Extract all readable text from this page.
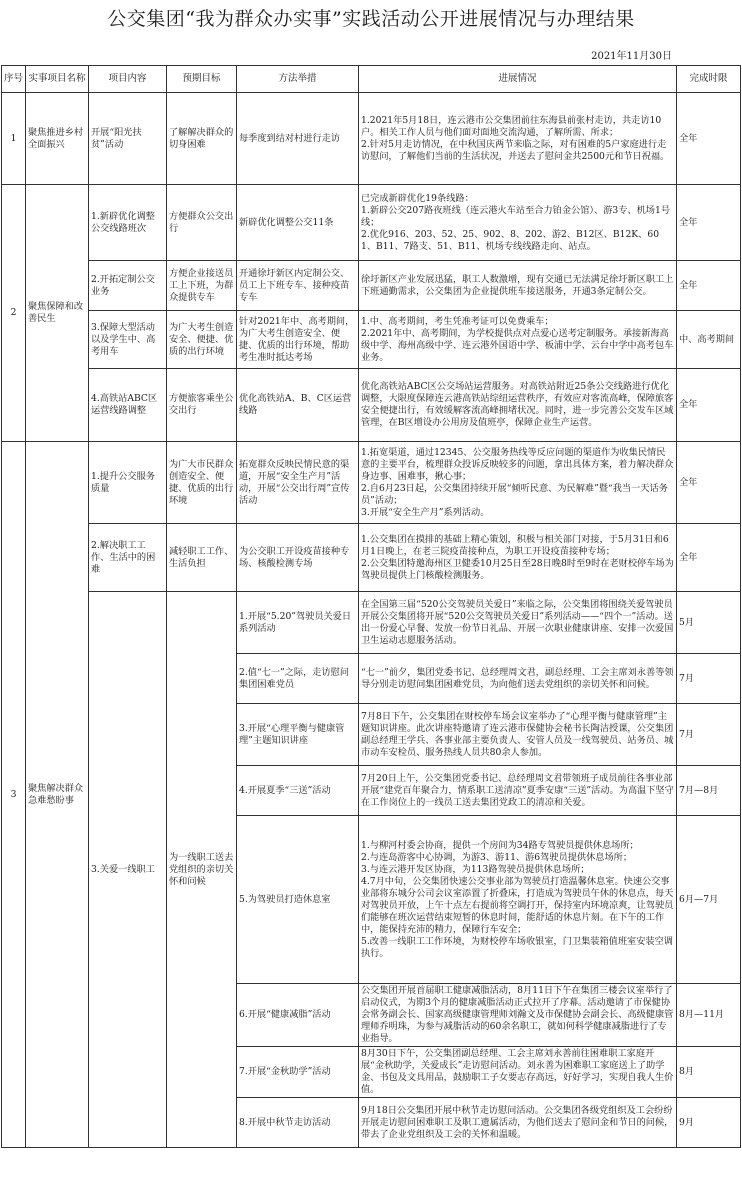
公交集团“我为群众办实事”实践活动公开进展情况与办理结果
2021年11月30日
序号	实事项目名称	项目内容	预期目标	方法举措	进展情况	完成时限
1	聚焦推进乡村全面振兴	开展“阳光扶贫”活动	了解解决群众的切身困难	每季度到结对村进行走访	1.2021年5月18日，连云港市公交集团前往东海县前张村走访，共走访10户。相关工作人员与他们面对面地交流沟通，了解所需、所求；
2.针对5月走访情况，在中秋国庆两节来临之际，对有困难的5户家庭进行走访慰问，了解他们当前的生活状况，并送去了慰问金共2500元和节日祝福。	全年
2	聚焦保障和改善民生	1.新辟优化调整公交线路班次	方便群众公交出行	新辟优化调整公交11条	已完成新辟优化19条线路：
1.新辟公交207路夜班线（连云港火车站至合力铂金公馆）、游3专、机场1号线；
2.优化916、203、52、25、902、8、202、游2、B12区、B12K、601、B11、7路支、51、B11、机场专线线路走向、站点。	全年
		2.开拓定制公交业务	方便企业接送员工上下班，为群众提供专车	开通徐圩新区内定制公交、员工上下班专车、接种疫苗专车	徐圩新区产业发展迅猛，职工人数激增，现有交通已无法满足徐圩新区职工上下班通勤需求，公交集团为企业提供班车接送服务，开通3条定制公交。	全年
		3.保障大型活动以及学生中、高考用车	为广大考生创造安全、便捷、优质的出行环境	针对2021年中、高考期间，为广大考生创造安全、便捷、优质的出行环境，帮助考生准时抵达考场	1.中、高考期间，考生凭准考证可以免费乘车；
2.2021年中、高考期间，为学校提供点对点爱心送考定制服务。承接新海高级中学、海州高级中学、连云港外国语中学、板浦中学、云台中学中高考包车业务。	中、高考期间
		4.高铁站ABC区运营线路调整	方便旅客乘坐公交出行	优化高铁站A、B、C区运营线路	优化高铁站ABC区公交场站运营服务。对高铁站附近25条公交线路进行优化调整，大限度保障连云港高铁站综纽运营秩序，有效应对客流高峰，保障旅客安全便捷出行，有效缓解客流高峰拥堵状况。同时，进一步完善公交发车区域管理，在B区增设办公用房及值班亭，保障企业生产运营。	全年
3	聚焦解决群众急难愁盼事	1.提升公交服务质量	为广大市民群众创造安全、便捷、优质的出行环境	拓宽群众反映民情民意的渠道，开展“安全生产月”活动，开展“公交出行周”宣传活动	1.拓宽渠道，通过12345、公交服务热线等反应问题的渠道作为收集民情民意的主要平台，梳理群众投诉反映较多的问题，拿出具体方案，着力解决群众身边事、困难事，揪心事；
2.自6月23日起，公交集团持续开展“倾听民意、为民解难”暨“我当一天话务员”活动；
3.开展“安全生产月”系列活动。	全年
		2.解决职工工作、生活中的困难	减轻职工工作、生活负担	为公交职工开设疫苗接种专场、核酸检测专场	1.公交集团在摸排的基础上精心策划，积极与相关部门对接，于5月31日和6月1日晚上，在老三院疫苗接种点，为职工开设疫苗接种专场；
2.公交集团特邀海州区卫健委10月25日至28日晚8时至9时在老财校停车场为驾驶员提供上门核酸检测服务。	全年
		3.关爱一线职工	为一线职工送去党组织的亲切关怀和问候	1.开展“5.20”驾驶员关爱日系列活动	在全国第三届“520公交驾驶员关爱日”来临之际，公交集团将围绕关爱驾驶员开展公交集团将开展“520公交驾驶员关爱日”系列活动——“四个一”活动。送出一份爱心早餐、发放一份节日礼品、开展一次职业健康讲座、安排一次爱国卫生运动志愿服务活动。	5月
				2.值“七一”之际，走访慰问集团困难党员	“七一”前夕，集团党委书记、总经理周文君，副总经理、工会主席刘永善等领导分别走访慰问集团困难党员，为向他们送去党组织的亲切关怀和问候。	7月
				3.开展“心理平衡与健康管理”主题知识讲座	7月8日下午，公交集团在财校停车场会议室举办了“心理平衡与健康管理”主题知识讲座。此次讲座特邀请了连云港市保健协会秘书长陶洁授课，公交集团副总经理王学兵、各事业部主要负责人、安管人员及一线驾驶员、站务员、城市动车安检员、服务热线人员共80余人参加。	7月
				4.开展夏季“三送”活动	7月20日上午，公交集团党委书记、总经理周文君带领班子成员前往各事业部开展“建党百年聚合力，情系职工送清凉”夏季安康“三送”活动。为高温下坚守在工作岗位上的一线员工送去集团党政工的清凉和关爱。	7月—8月
				5.为驾驶员打造休息室	1.与柳河村委会协商，提供一个房间为34路专驾驶员提供休息场所；
2.与连岛游客中心协调，为游3、游11、游6驾驶员提供休息场所；
3.与连云港开发区协商，为113路驾驶员提供休息场所；
4.7月中旬，公交集团快速公交事业部为驾驶员打造温馨休息室。快速公交事业部将东城分公司会议室添置了折叠床，打造成为驾驶员午休的休息点，每天对驾驶员开放，上午十点左右提前将空调打开，保持室内环境凉爽，让驾驶员们能够在班次运营结束短暂的休息时间，能舒适的休息片刻。在下午的工作中，能保持充沛的精力，保障行车安全；
5.改善一线职工工作环境，为财校停车场收银室，门卫集装箱值班室安装空调执行。	6月—7月
				6.开展“健康减脂”活动	公交集团开展首届职工健康减脂活动，8月11日下午在集团三楼会议室举行了启动仪式，为期3个月的健康减脂活动正式拉开了序幕。活动邀请了市保健协会常务副会长、国家高级健康管理师刘瀚文及市保健协会副会长、高级健康管理师乔明珠，为参与减脂活动的60余名职工，就如何科学健康减脂进行了专业指导。	8月—11月
				7.开展“金秋助学”活动	8月30日下午，公交集团副总经理、工会主席刘永善前往困难职工家庭开展“金秋助学，关爱成长”走访慰问活动。刘永善为困难职工家庭送上了助学金、书包及文具用品，鼓励职工子女要志存高远，好好学习，实现自我人生价值。	8月
				8.开展中秋节走访活动	9月18日公交集团开展中秋节走访慰问活动。公交集团各级党组织及工会纷纷开展走访慰问困难职工及职工遗属活动，为他们送去了慰问金和节日的问候，带去了企业党组织及工会的关怀和温暖。	9月
